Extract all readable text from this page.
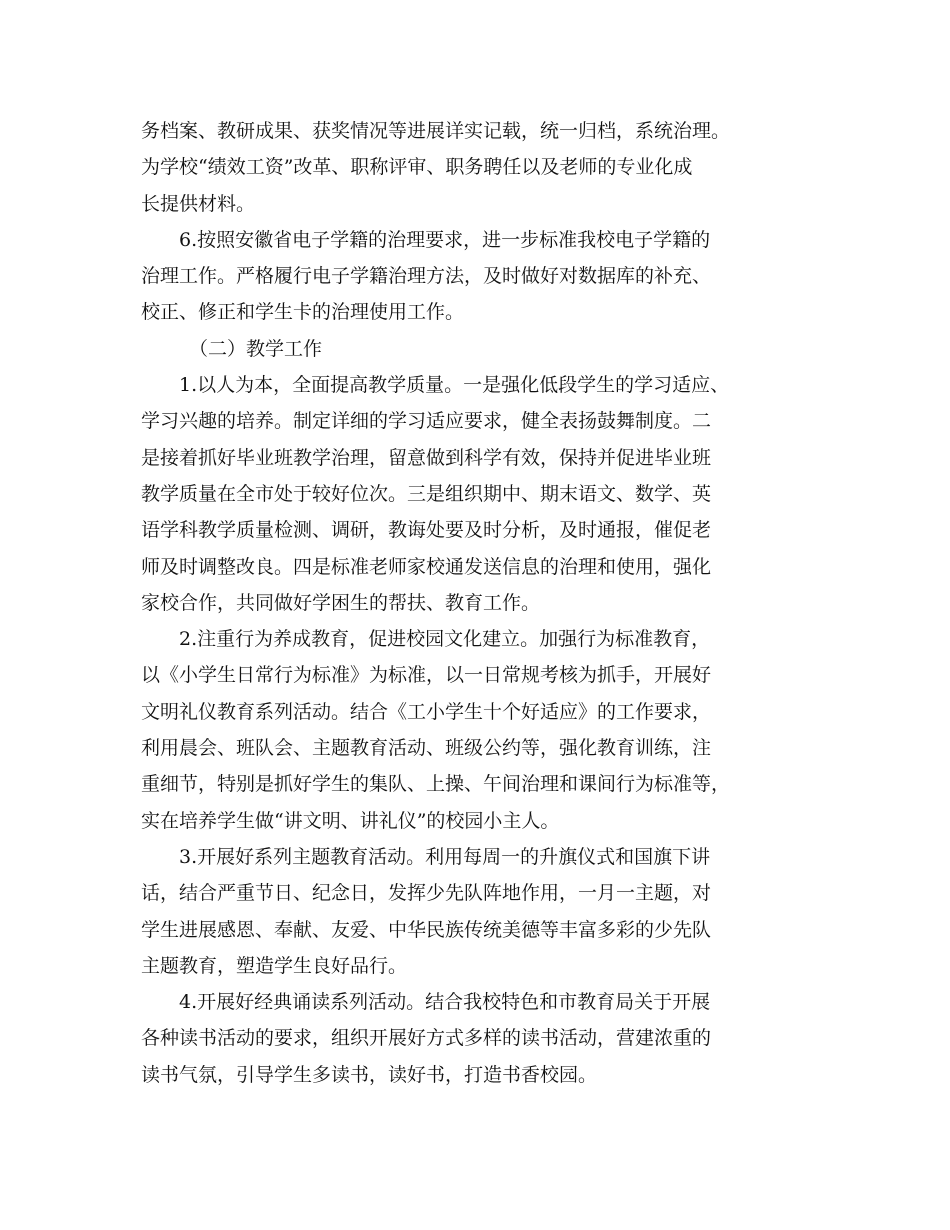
务档案、教研成果、获奖情况等进展详实记载，统一归档，系统治理。
为学校“绩效工资”改革、职称评审、职务聘任以及老师的专业化成
长提供材料。
6.按照安徽省电子学籍的治理要求，进一步标准我校电子学籍的
治理工作。严格履行电子学籍治理方法，及时做好对数据库的补充、
校正、修正和学生卡的治理使用工作。
（二）教学工作
1.以人为本，全面提高教学质量。一是强化低段学生的学习适应、
学习兴趣的培养。制定详细的学习适应要求，健全表扬鼓舞制度。二
是接着抓好毕业班教学治理，留意做到科学有效，保持并促进毕业班
教学质量在全市处于较好位次。三是组织期中、期末语文、数学、英
语学科教学质量检测、调研，教诲处要及时分析，及时通报，催促老
师及时调整改良。四是标准老师家校通发送信息的治理和使用，强化
家校合作，共同做好学困生的帮扶、教育工作。
2.注重行为养成教育，促进校园文化建立。加强行为标准教育，
以《小学生日常行为标准》为标准，以一日常规考核为抓手，开展好
文明礼仪教育系列活动。结合《工小学生十个好适应》的工作要求，
利用晨会、班队会、主题教育活动、班级公约等，强化教育训练，注
重细节，特别是抓好学生的集队、上操、午间治理和课间行为标准等，
实在培养学生做“讲文明、讲礼仪”的校园小主人。
3.开展好系列主题教育活动。利用每周一的升旗仪式和国旗下讲
话，结合严重节日、纪念日，发挥少先队阵地作用，一月一主题，对
学生进展感恩、奉献、友爱、中华民族传统美德等丰富多彩的少先队
主题教育，塑造学生良好品行。
4.开展好经典诵读系列活动。结合我校特色和市教育局关于开展
各种读书活动的要求，组织开展好方式多样的读书活动，营建浓重的
读书气氛，引导学生多读书，读好书，打造书香校园。
